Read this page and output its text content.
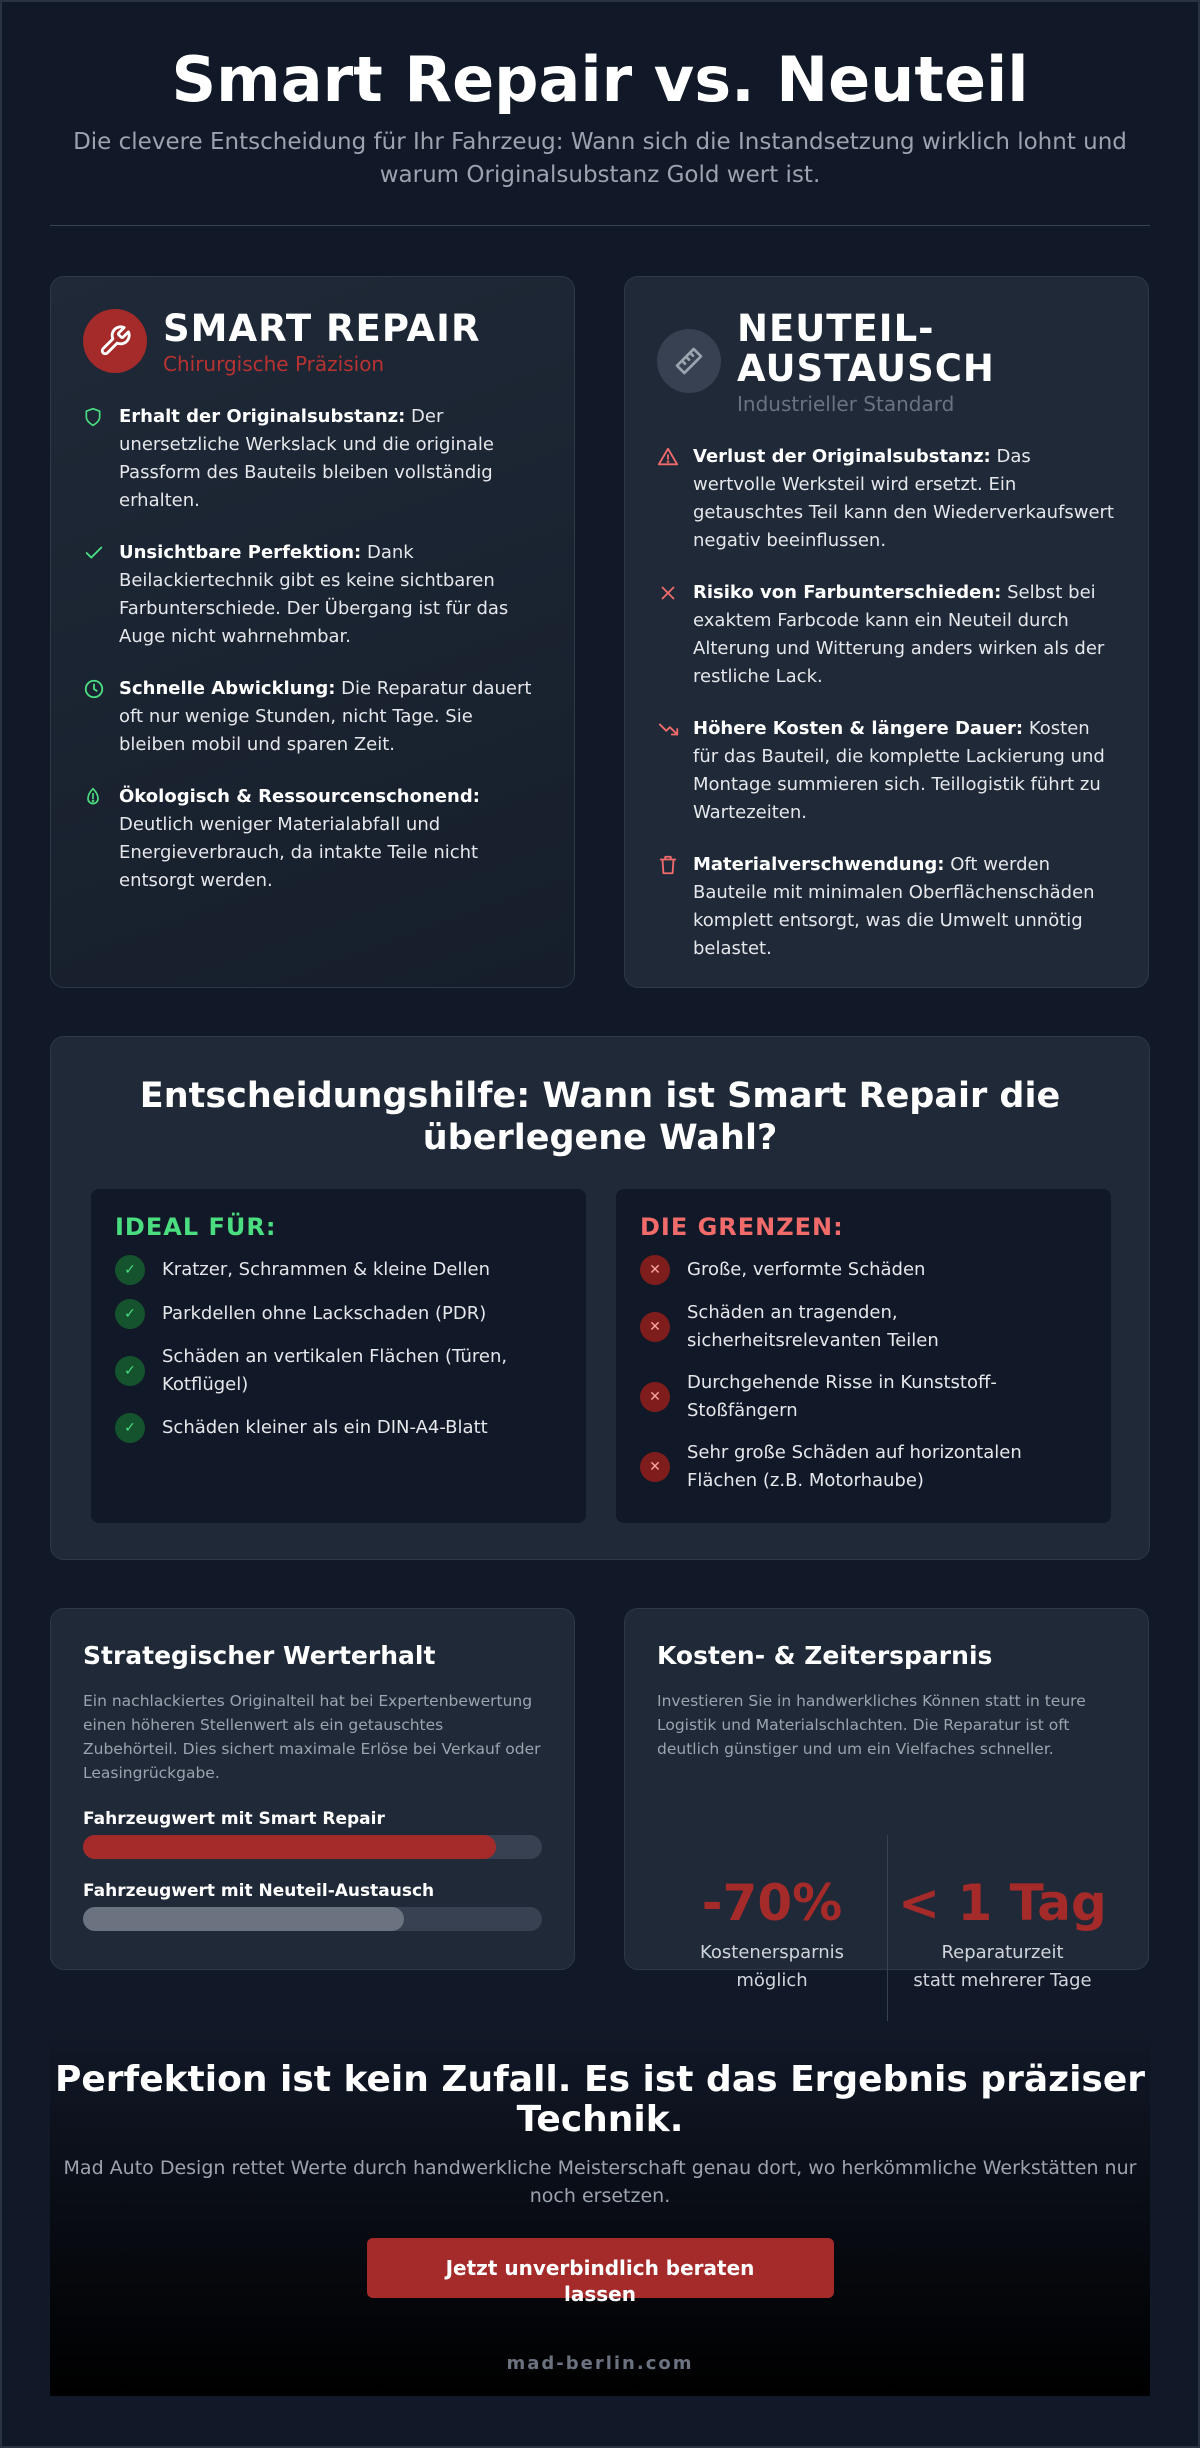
Smart Repair vs. Neuteil

Die clevere Entscheidung für Ihr Fahrzeug: Wann sich die Instandsetzung wirklich lohnt und warum Originalsubstanz Gold wert ist.

SMART REPAIR
Chirurgische Präzision
Erhalt der Originalsubstanz: Der unersetzliche Werkslack und die originale Passform des Bauteils bleiben vollständig erhalten.
Unsichtbare Perfektion: Dank Beilackiertechnik gibt es keine sichtbaren Farbunterschiede. Der Übergang ist für das Auge nicht wahrnehmbar.
Schnelle Abwicklung: Die Reparatur dauert oft nur wenige Stunden, nicht Tage. Sie bleiben mobil und sparen Zeit.
Ökologisch & Ressourcenschonend: Deutlich weniger Materialabfall und Energieverbrauch, da intakte Teile nicht entsorgt werden.
NEUTEIL-AUSTAUSCH
Industrieller Standard
Verlust der Originalsubstanz: Das wertvolle Werksteil wird ersetzt. Ein getauschtes Teil kann den Wiederverkaufswert negativ beeinflussen.
Risiko von Farbunterschieden: Selbst bei exaktem Farbcode kann ein Neuteil durch Alterung und Witterung anders wirken als der restliche Lack.
Höhere Kosten & längere Dauer: Kosten für das Bauteil, die komplette Lackierung und Montage summieren sich. Teillogistik führt zu Wartezeiten.
Materialverschwendung: Oft werden Bauteile mit minimalen Oberflächenschäden komplett entsorgt, was die Umwelt unnötig belastet.
Entscheidungshilfe: Wann ist Smart Repair die überlegene Wahl?
IDEAL FÜR:
✓	Kratzer, Schrammen & kleine Dellen
✓	Parkdellen ohne Lackschaden (PDR)
✓
Schäden an vertikalen Flächen (Türen, Kotflügel)
✓	Schäden kleiner als ein DIN-A4-Blatt
DIE GRENZEN:
✕	Große, verformte Schäden
✕
Schäden an tragenden, sicherheitsrelevanten Teilen
✕
Durchgehende Risse in Kunststoff-Stoßfängern
✕
Sehr große Schäden auf horizontalen Flächen (z.B. Motorhaube)
Strategischer Werterhalt
Ein nachlackiertes Originalteil hat bei Expertenbewertung einen höheren Stellenwert als ein getauschtes Zubehörteil. Dies sichert maximale Erlöse bei Verkauf oder Leasingrückgabe.
Fahrzeugwert mit Smart Repair
Fahrzeugwert mit Neuteil-Austausch
Kosten- & Zeitersparnis
Investieren Sie in handwerkliches Können statt in teure Logistik und Materialschlachten. Die Reparatur ist oft deutlich günstiger und um ein Vielfaches schneller.
-70%
Kostenersparnis
möglich
< 1 Tag
Reparaturzeit
statt mehrerer Tage
Perfektion ist kein Zufall. Es ist das Ergebnis präziser Technik.
Mad Auto Design rettet Werte durch handwerkliche Meisterschaft genau dort, wo herkömmliche Werkstätten nur noch ersetzen.
Jetzt unverbindlich beraten lassen
mad-berlin.com
